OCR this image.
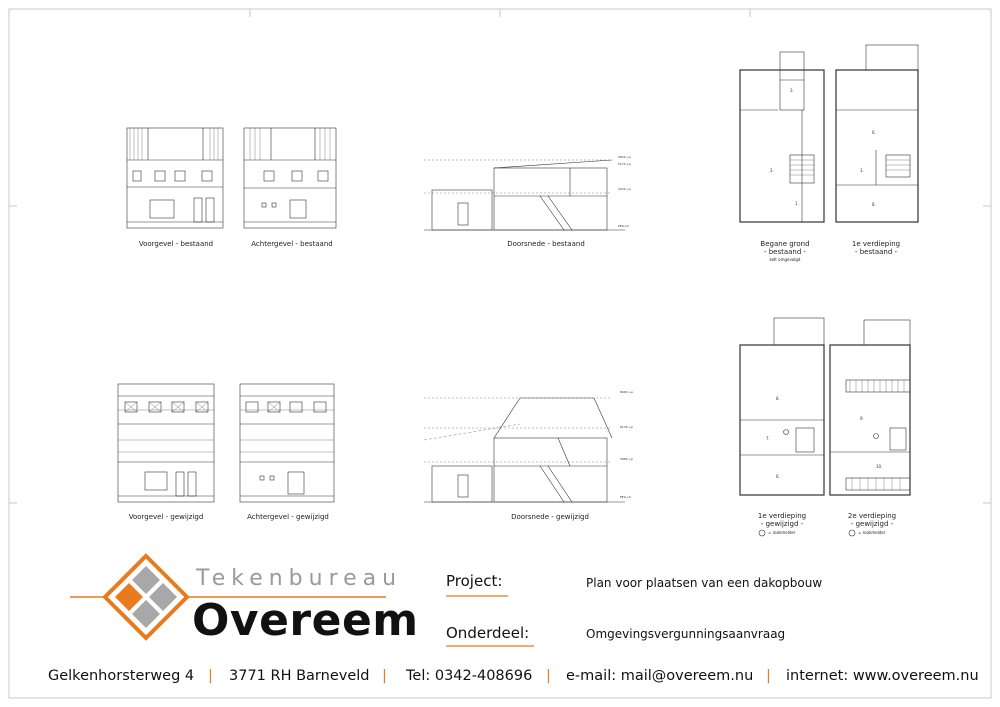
5820 +p
5170 +p
3220 +p
PEIL+0
2.
3.
1.
6.
1.
8.
8660 +p
6130 +p
2880 +p
PEIL+0
8.
7.
6.
9.
10.
Voorgevel - bestaand	Achtergevel - bestaand	Doorsnede - bestaand	Begane grond
- bestaand -
kelt omgevolgd
1e verdieping
- bestaand -
Voorgevel - gewijzigd	Achtergevel - gewijzigd	Doorsnede - gewijzigd	1e verdieping
- gewijzigd -
= rookmelder
2e verdieping
- gewijzigd -
= rookmelder
Tekenbureau
Overeem
Project:	Plan voor plaatsen van een dakopbouw
Onderdeel:	Omgevingsvergunningsaanvraag
Gelkenhorsterweg 4 | 3771 RH Barneveld | Tel: 0342-408696 | e-mail: mail@overeem.nu | internet: www.overeem.nu
